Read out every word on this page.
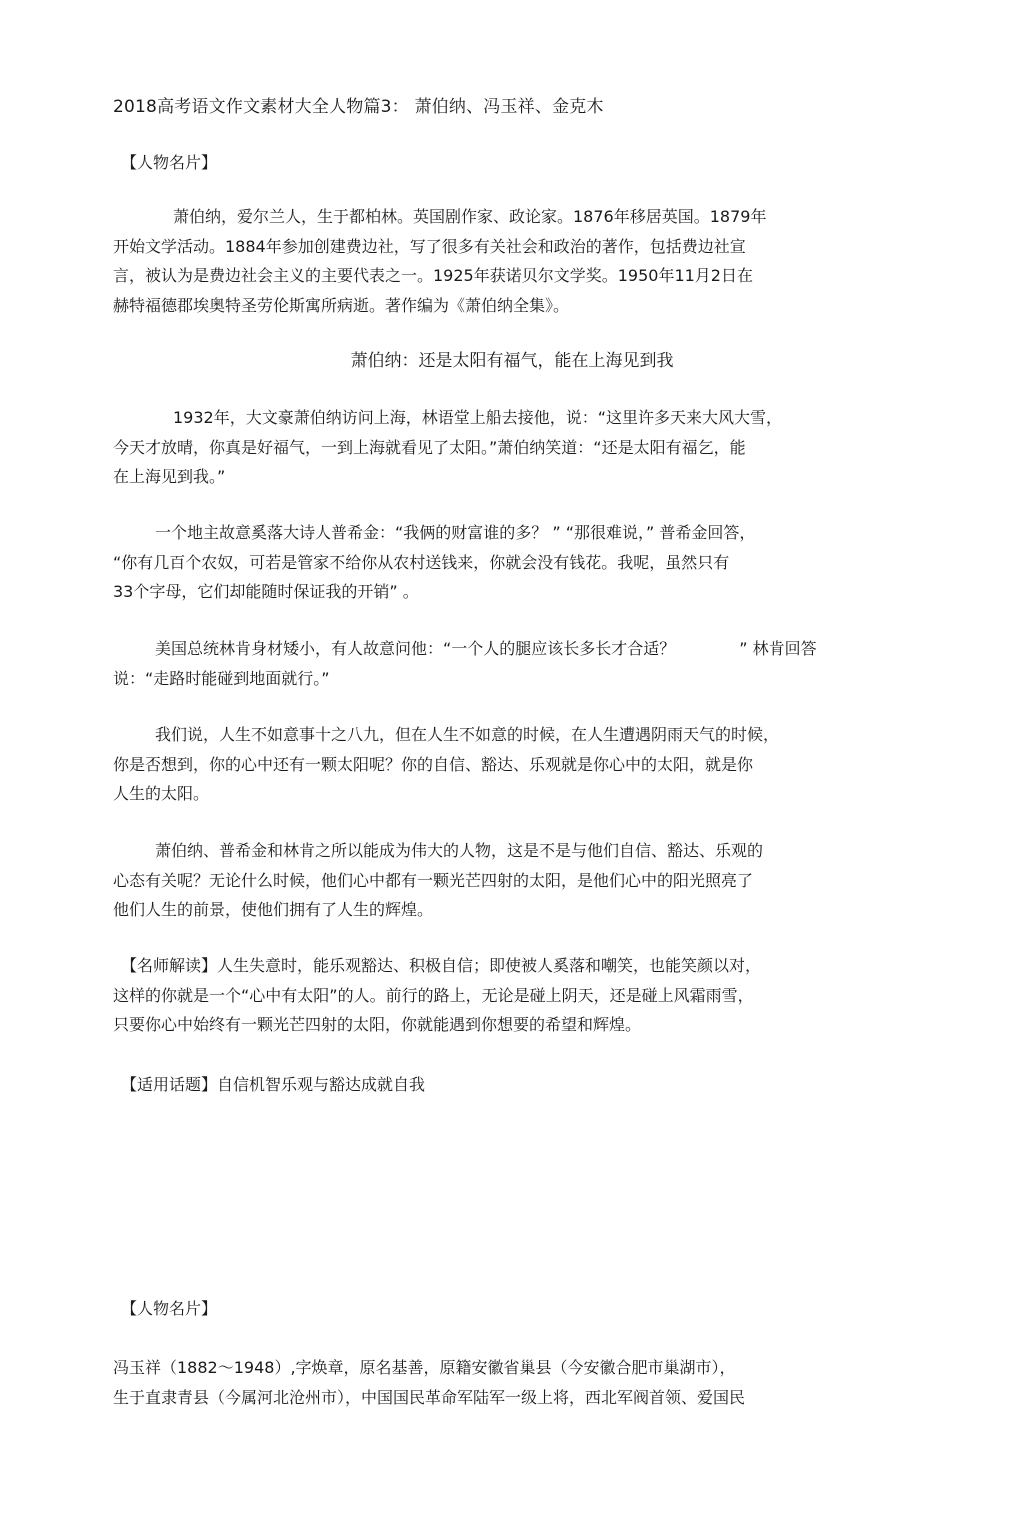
2018高考语文作文素材大全人物篇3： 萧伯纳、冯玉祥、金克木
【人物名片】
萧伯纳，爱尔兰人，生于都柏林。英国剧作家、政论家。1876年移居英国。1879年
开始文学活动。1884年参加创建费边社，写了很多有关社会和政治的著作，包括费边社宣
言，被认为是费边社会主义的主要代表之一。1925年获诺贝尔文学奖。1950年11月2日在
赫特福德郡埃奥特圣劳伦斯寓所病逝。著作编为《萧伯纳全集》。
萧伯纳：还是太阳有福气，能在上海见到我
1932年，大文豪萧伯纳访问上海，林语堂上船去接他，说：“这里许多天来大风大雪，
今天才放晴，你真是好福气，一到上海就看见了太阳。”萧伯纳笑道：“还是太阳有福乞，能
在上海见到我。”
一个地主故意奚落大诗人普希金：“我俩的财富谁的多？ ” “那很难说，” 普希金回答，
“你有几百个农奴，可若是管家不给你从农村送钱来，你就会没有钱花。我呢，虽然只有
33个字母，它们却能随时保证我的开销” 。
美国总统林肯身材矮小，有人故意问他：“一个人的腿应该长多长才合适？	” 林肯回答
说：“走路时能碰到地面就行。”
我们说，人生不如意事十之八九，但在人生不如意的时候，在人生遭遇阴雨天气的时候，
你是否想到，你的心中还有一颗太阳呢？你的自信、豁达、乐观就是你心中的太阳，就是你
人生的太阳。
萧伯纳、普希金和林肯之所以能成为伟大的人物，这是不是与他们自信、豁达、乐观的
心态有关呢？无论什么时候，他们心中都有一颗光芒四射的太阳，是他们心中的阳光照亮了
他们人生的前景，使他们拥有了人生的辉煌。
【名师解读】人生失意时，能乐观豁达、积极自信；即使被人奚落和嘲笑，也能笑颜以对，
这样的你就是一个“心中有太阳”的人。前行的路上，无论是碰上阴天，还是碰上风霜雨雪，
只要你心中始终有一颗光芒四射的太阳，你就能遇到你想要的希望和辉煌。
【适用话题】自信机智乐观与豁达成就自我
【人物名片】
冯玉祥（1882～1948）,字焕章，原名基善，原籍安徽省巢县（今安徽合肥市巢湖市），
生于直隶青县（今属河北沧州市），中国国民革命军陆军一级上将，西北军阀首领、爱国民
